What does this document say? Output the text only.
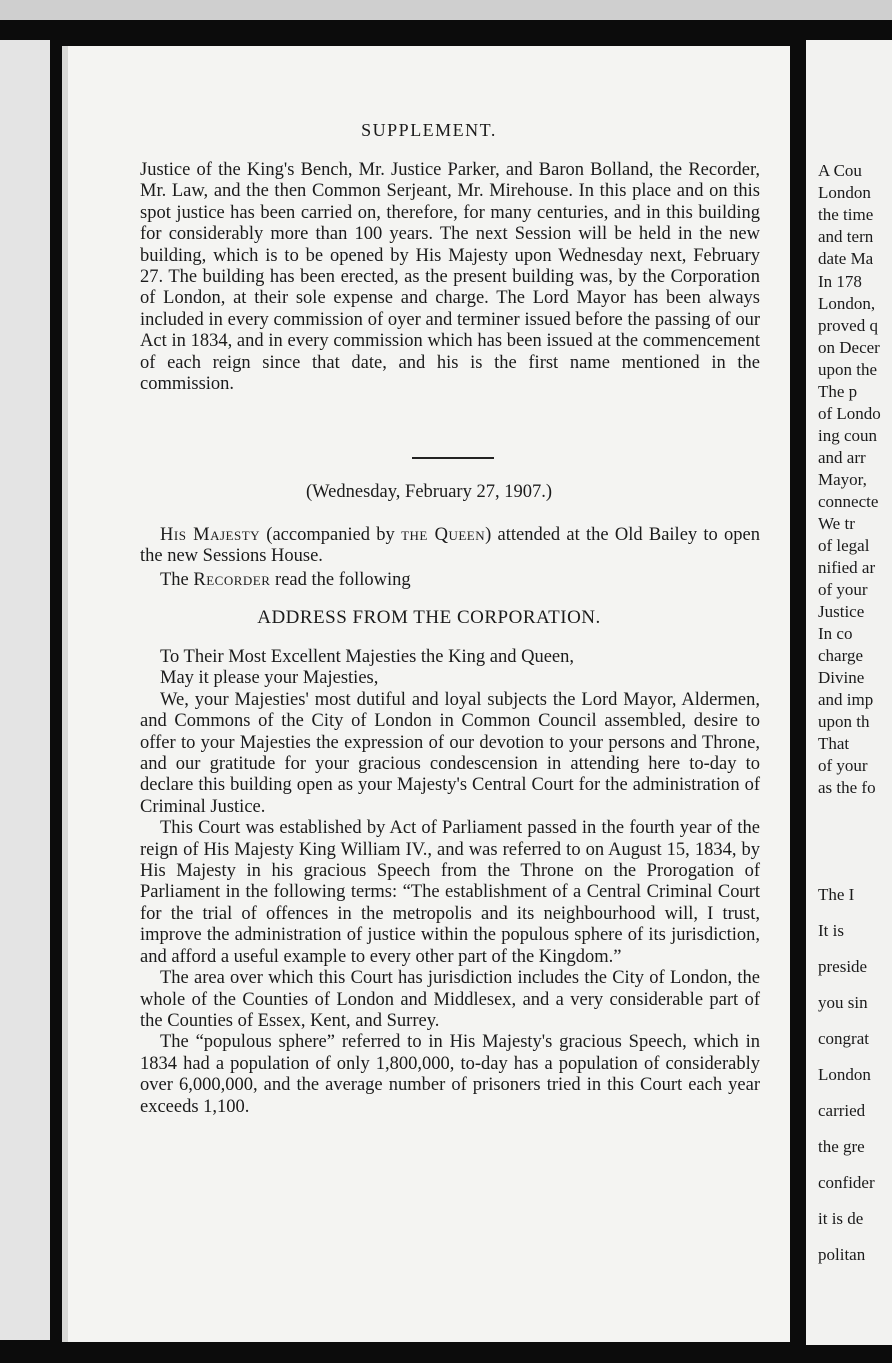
SUPPLEMENT.
Justice of the King's Bench, Mr. Justice Parker, and Baron Bolland, the Recorder, Mr. Law, and the then Common Serjeant, Mr. Mirehouse. In this place and on this spot justice has been carried on, therefore, for many centuries, and in this building for considerably more than 100 years. The next Session will be held in the new building, which is to be opened by His Majesty upon Wednesday next, February 27. The building has been erected, as the present building was, by the Corporation of London, at their sole expense and charge. The Lord Mayor has been always included in every commission of oyer and terminer issued before the passing of our Act in 1834, and in every commission which has been issued at the commencement of each reign since that date, and his is the first name mentioned in the commission.
(Wednesday, February 27, 1907.)
His Majesty (accompanied by the Queen) attended at the Old Bailey to open the new Sessions House.
The Recorder read the following
ADDRESS FROM THE CORPORATION.

To Their Most Excellent Majesties the King and Queen,

May it please your Majesties,

We, your Majesties' most dutiful and loyal subjects the Lord Mayor, Aldermen, and Commons of the City of London in Common Council assembled, desire to offer to your Majesties the expression of our devotion to your persons and Throne, and our gratitude for your gracious condescension in attending here to-day to declare this building open as your Majesty's Central Court for the administration of Criminal Justice.

This Court was established by Act of Parliament passed in the fourth year of the reign of His Majesty King William IV., and was referred to on August 15, 1834, by His Majesty in his gracious Speech from the Throne on the Prorogation of Parliament in the following terms: “The establishment of a Central Criminal Court for the trial of offences in the metropolis and its neighbourhood will, I trust, improve the administration of justice within the populous sphere of its jurisdiction, and afford a useful example to every other part of the Kingdom.”

The area over which this Court has jurisdiction includes the City of London, the whole of the Counties of London and Middlesex, and a very considerable part of the Counties of Essex, Kent, and Surrey.

The “populous sphere” referred to in His Majesty's gracious Speech, which in 1834 had a population of only 1,800,000, to-day has a population of considerably over 6,000,000, and the average number of prisoners tried in this Court each year exceeds 1,100.

A Cou
London
the time
and tern
date Ma
In 178
London,
proved q
on Decer
upon the
The p
of Londo
ing coun
and arr
Mayor,
connecte
We tr
of legal
nified ar
of your
Justice
In co
charge
Divine
and imp
upon th
That
of your
as the fo
The I
It is
preside
you sin
congrat
London
carried
the gre
confider
it is de
politan
